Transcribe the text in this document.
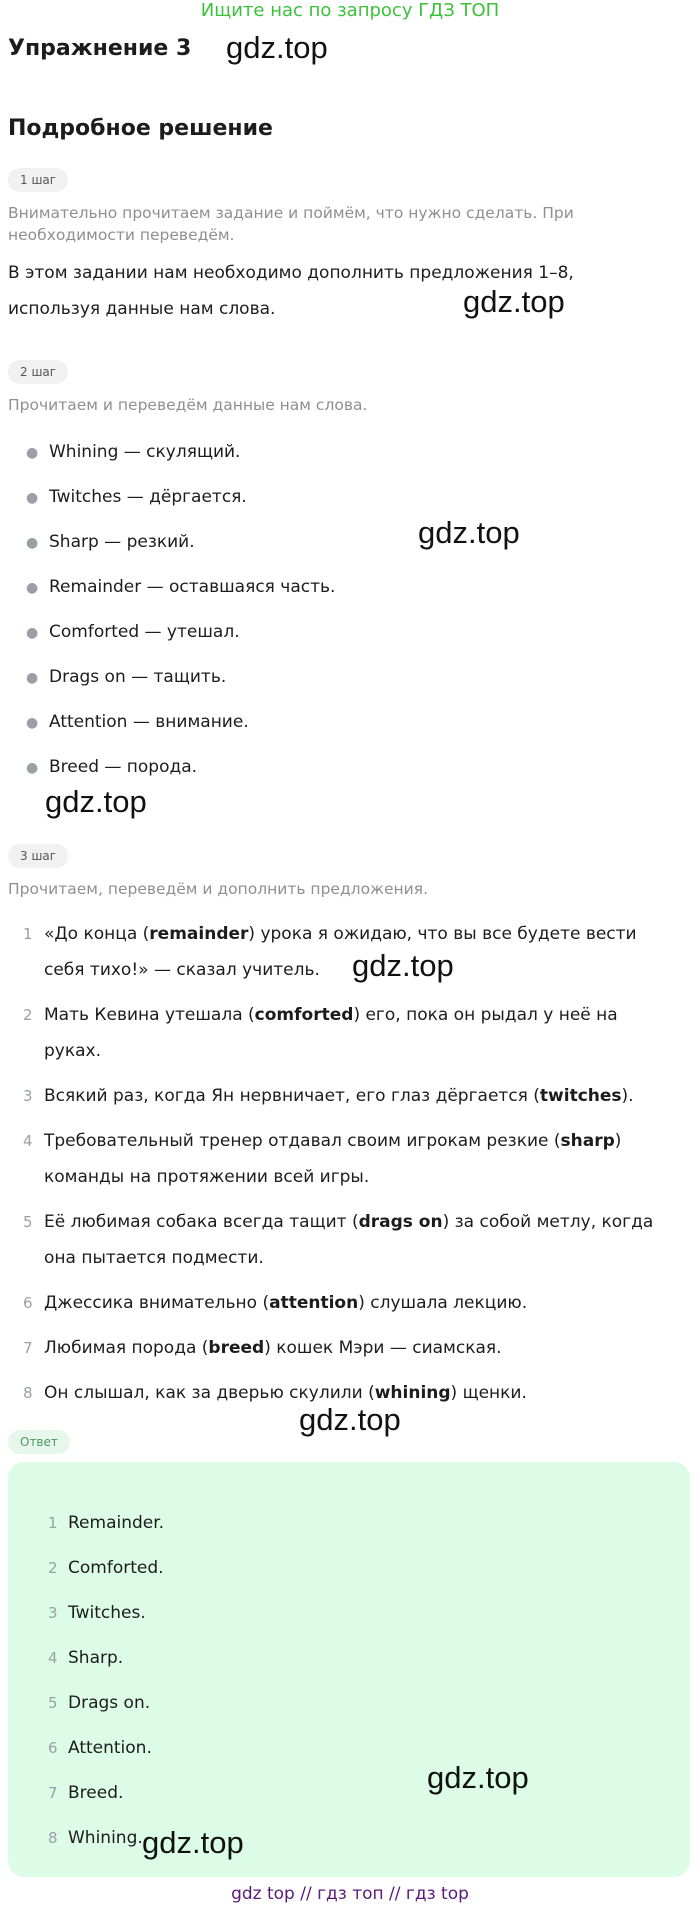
Ищите нас по запросу ГДЗ ТОП
Упражнение 3 gdz.top
Подробное решение
1 шаг
Внимательно прочитаем задание и поймём, что нужно сделать. При необходимости переведём.
В этом задании нам необходимо дополнить предложения 1–8, используя данные нам слова.	gdz.top
2 шаг
Прочитаем и переведём данные нам слова.
● Whining — скулящий.
● Twitches — дёргается.
● Sharp — резкий.
● Remainder — оставшаяся часть.
● Comforted — утешал.
● Drags on — тащить.
● Attention — внимание.
● Breed — порода.
gdz.top
gdz.top
3 шаг
Прочитаем, переведём и дополнить предложения.
1 «До конца (remainder) урока я ожидаю, что вы все будете вести себя тихо!» — сказал учитель.
2 Мать Кевина утешала (comforted) его, пока он рыдал у неё на руках.
3 Всякий раз, когда Ян нервничает, его глаз дёргается (twitches).
4 Требовательный тренер отдавал своим игрокам резкие (sharp) команды на протяжении всей игры.
5 Её любимая собака всегда тащит (drags on) за собой метлу, когда она пытается подмести.
6 Джессика внимательно (attention) слушала лекцию.
7 Любимая порода (breed) кошек Мэри — сиамская.
8 Он слышал, как за дверью скулили (whining) щенки.
gdz.top
gdz.top
Ответ
1 Remainder.
2 Comforted.
3 Twitches.
4 Sharp.
5 Drags on.
6 Attention.
7 Breed.
8 Whining.
gdz.top
gdz.top
gdz top // гдз топ // гдз top
